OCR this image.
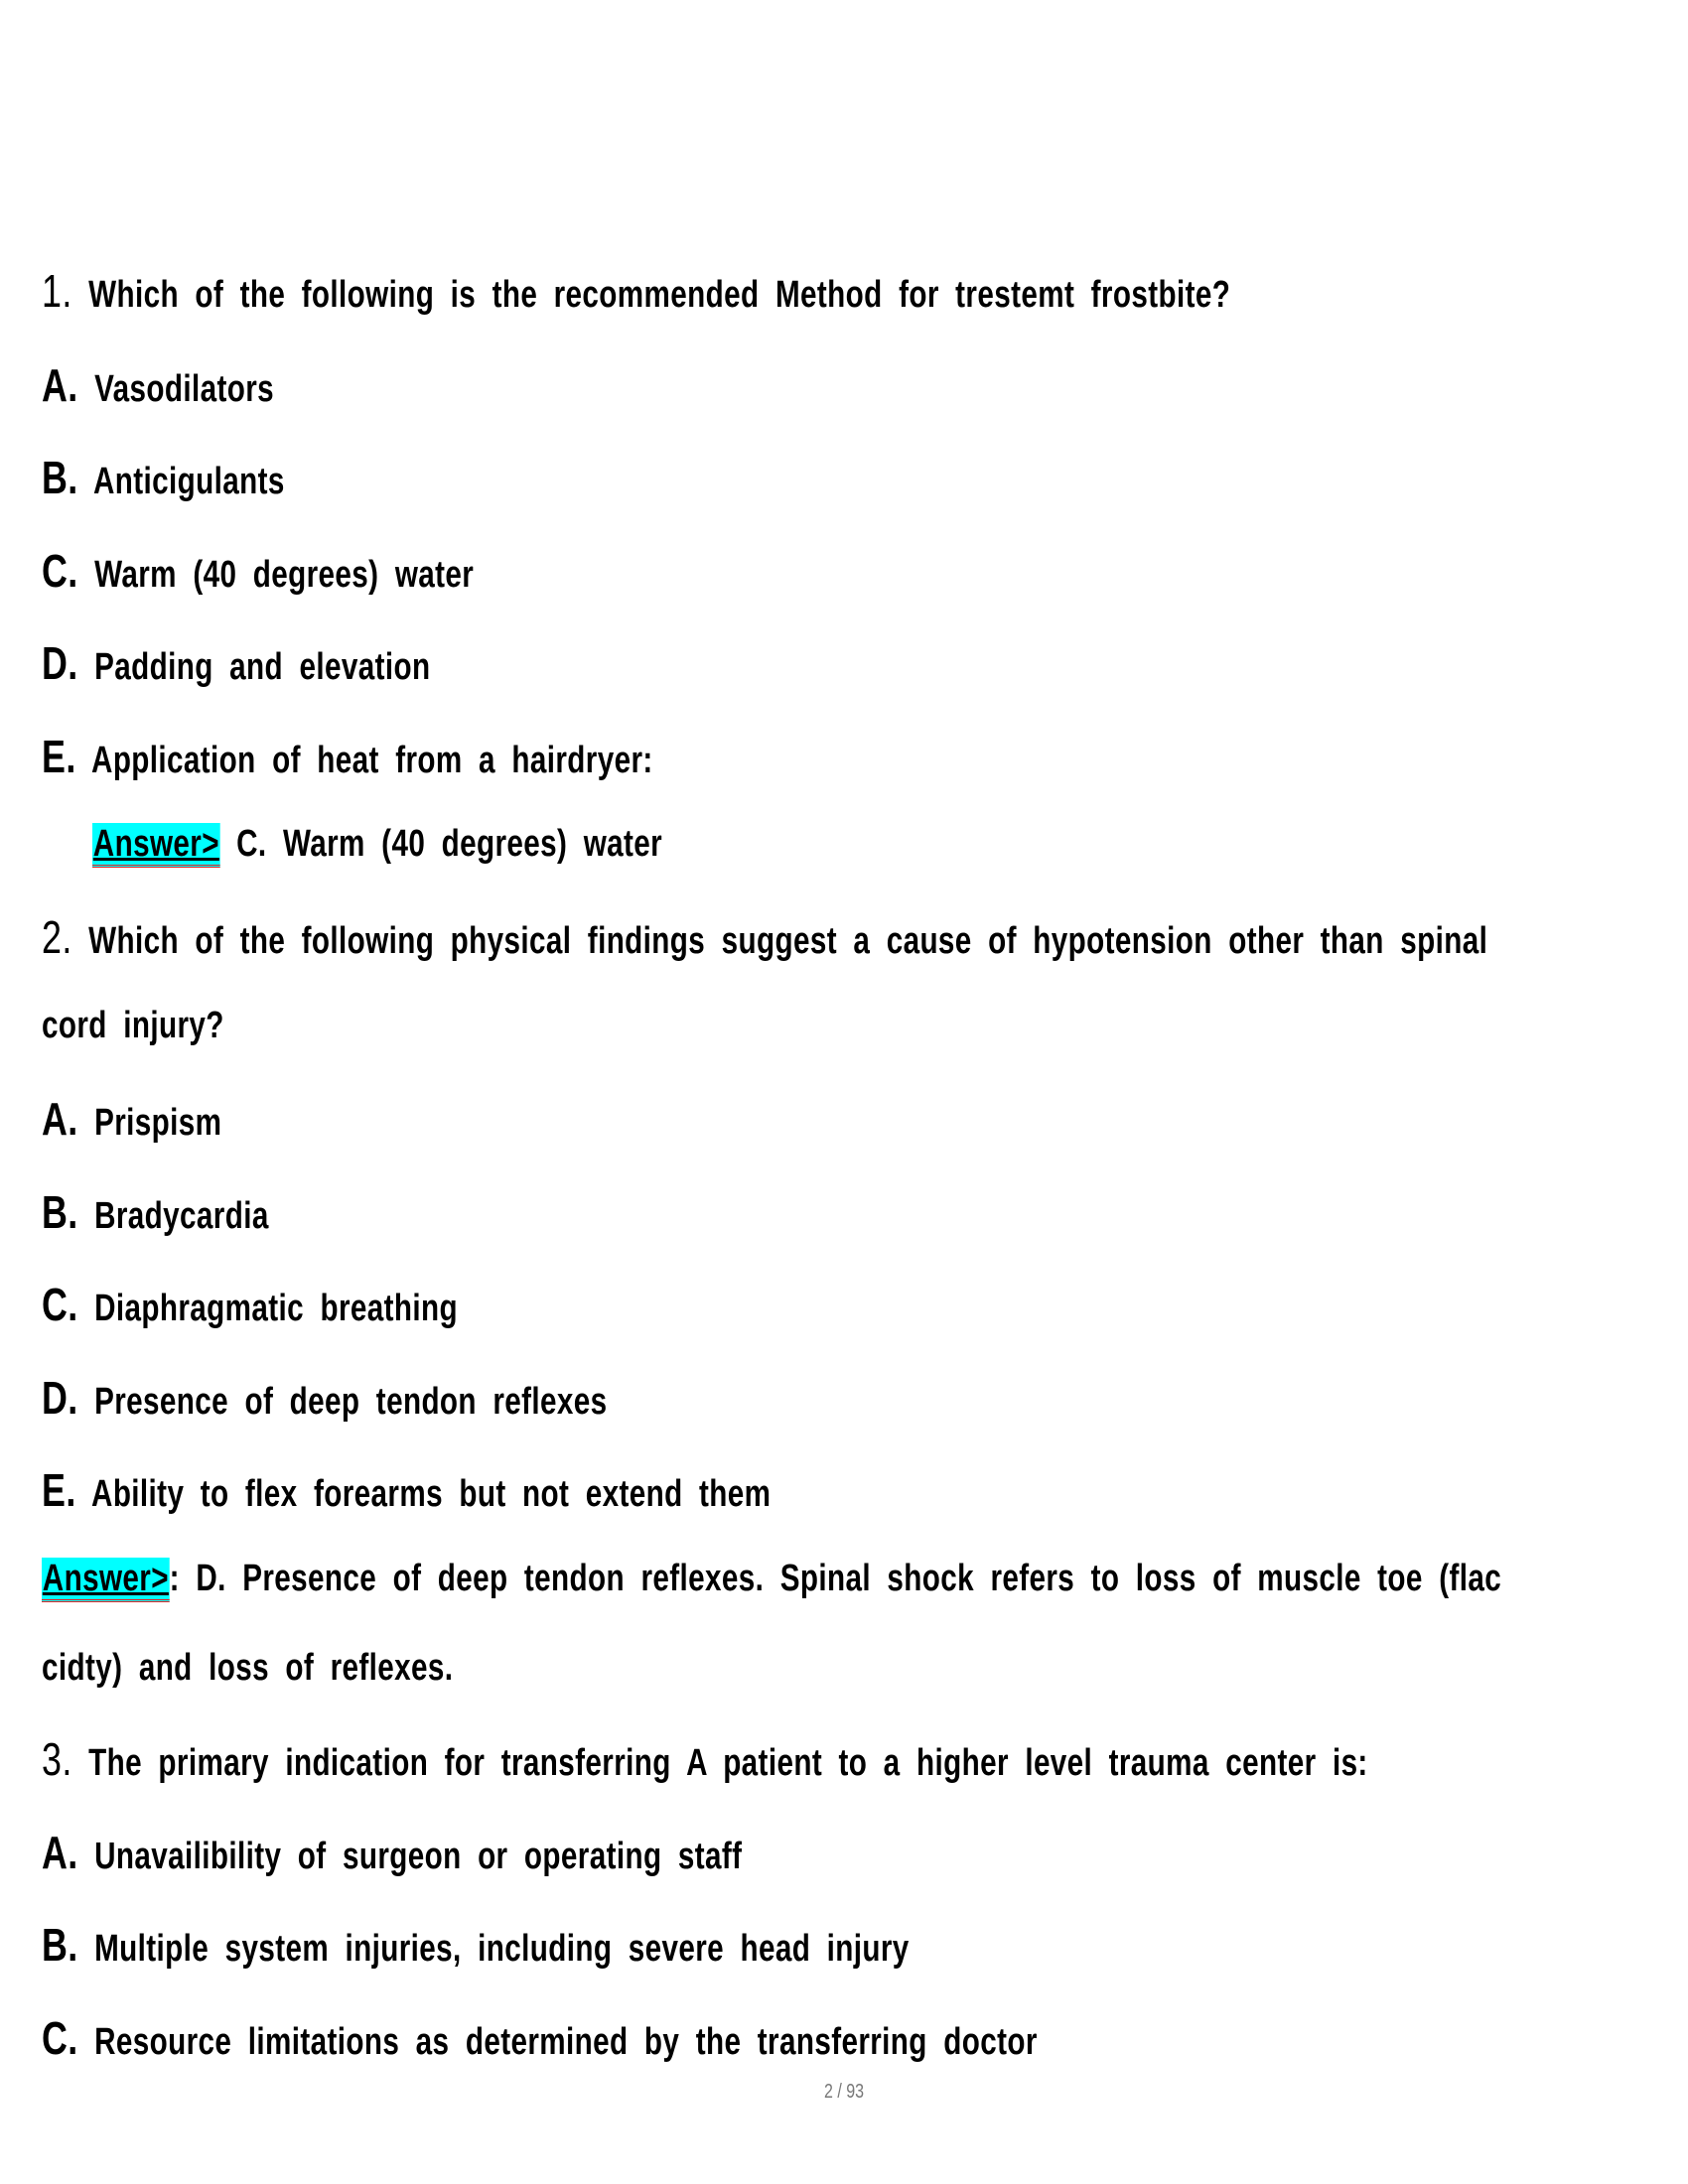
1. Which of the following is the recommended Method for trestemt frostbite?
A. Vasodilators
B. Anticigulants
C. Warm (40 degrees) water
D. Padding and elevation
E. Application of heat from a hairdryer:
Answer> C. Warm (40 degrees) water
2. Which of the following physical findings suggest a cause of hypotension other than spinal
cord injury?
A. Prispism
B. Bradycardia
C. Diaphragmatic breathing
D. Presence of deep tendon reflexes
E. Ability to flex forearms but not extend them
Answer>: D. Presence of deep tendon reflexes. Spinal shock refers to loss of muscle toe (flac
cidty) and loss of reflexes.
3. The primary indication for transferring A patient to a higher level trauma center is:
A. Unavailibility of surgeon or operating staff
B. Multiple system injuries, including severe head injury
C. Resource limitations as determined by the transferring doctor
2 / 93
